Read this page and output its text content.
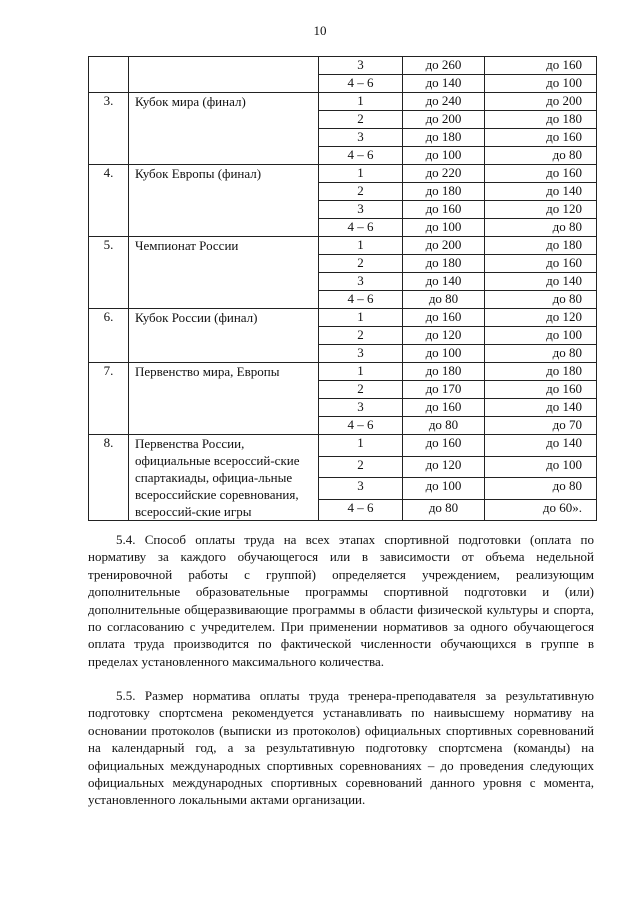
10
		3	до 260	до 160
		4 – 6	до 140	до 100
3.	Кубок мира (финал)	1	до 240	до 200
		2	до 200	до 180
		3	до 180	до 160
		4 – 6	до 100	до 80
4.	Кубок Европы (финал)	1	до 220	до 160
		2	до 180	до 140
		3	до 160	до 120
		4 – 6	до 100	до 80
5.	Чемпионат России	1	до 200	до 180
		2	до 180	до 160
		3	до 140	до 140
		4 – 6	до 80	до 80
6.	Кубок России (финал)	1	до 160	до 120
		2	до 120	до 100
		3	до 100	до 80
7.	Первенство мира, Европы	1	до 180	до 180
		2	до 170	до 160
		3	до 160	до 140
		4 – 6	до 80	до 70
8.	Первенства России, официальные всероссий-ские спартакиады, официа-льные всероссийские соревнования, всероссий-ские игры	1	до 160	до 140
		2	до 120	до 100
		3	до 100	до 80
		4 – 6	до 80	до 60».

5.4. Способ оплаты труда на всех этапах спортивной подготовки (оплата по нормативу за каждого обучающегося или в зависимости от объема недельной тренировочной работы с группой) определяется учреждением, реализующим дополнительные образовательные программы спортивной подготовки и (или) дополнительные общеразвивающие программы в области физической культуры и спорта, по согласованию с учредителем. При применении нормативов за одного обучающегося оплата труда производится по фактической численности обучающихся в группе в пределах установленного максимального количества.

5.5. Размер норматива оплаты труда тренера-преподавателя за результативную подготовку спортсмена рекомендуется устанавливать по наивысшему нормативу на основании протоколов (выписки из протоколов) официальных спортивных соревнований на календарный год, а за результативную подготовку спортсмена (команды) на официальных международных спортивных соревнованиях – до проведения следующих официальных международных спортивных соревнований данного уровня с момента, установленного локальными актами организации.
